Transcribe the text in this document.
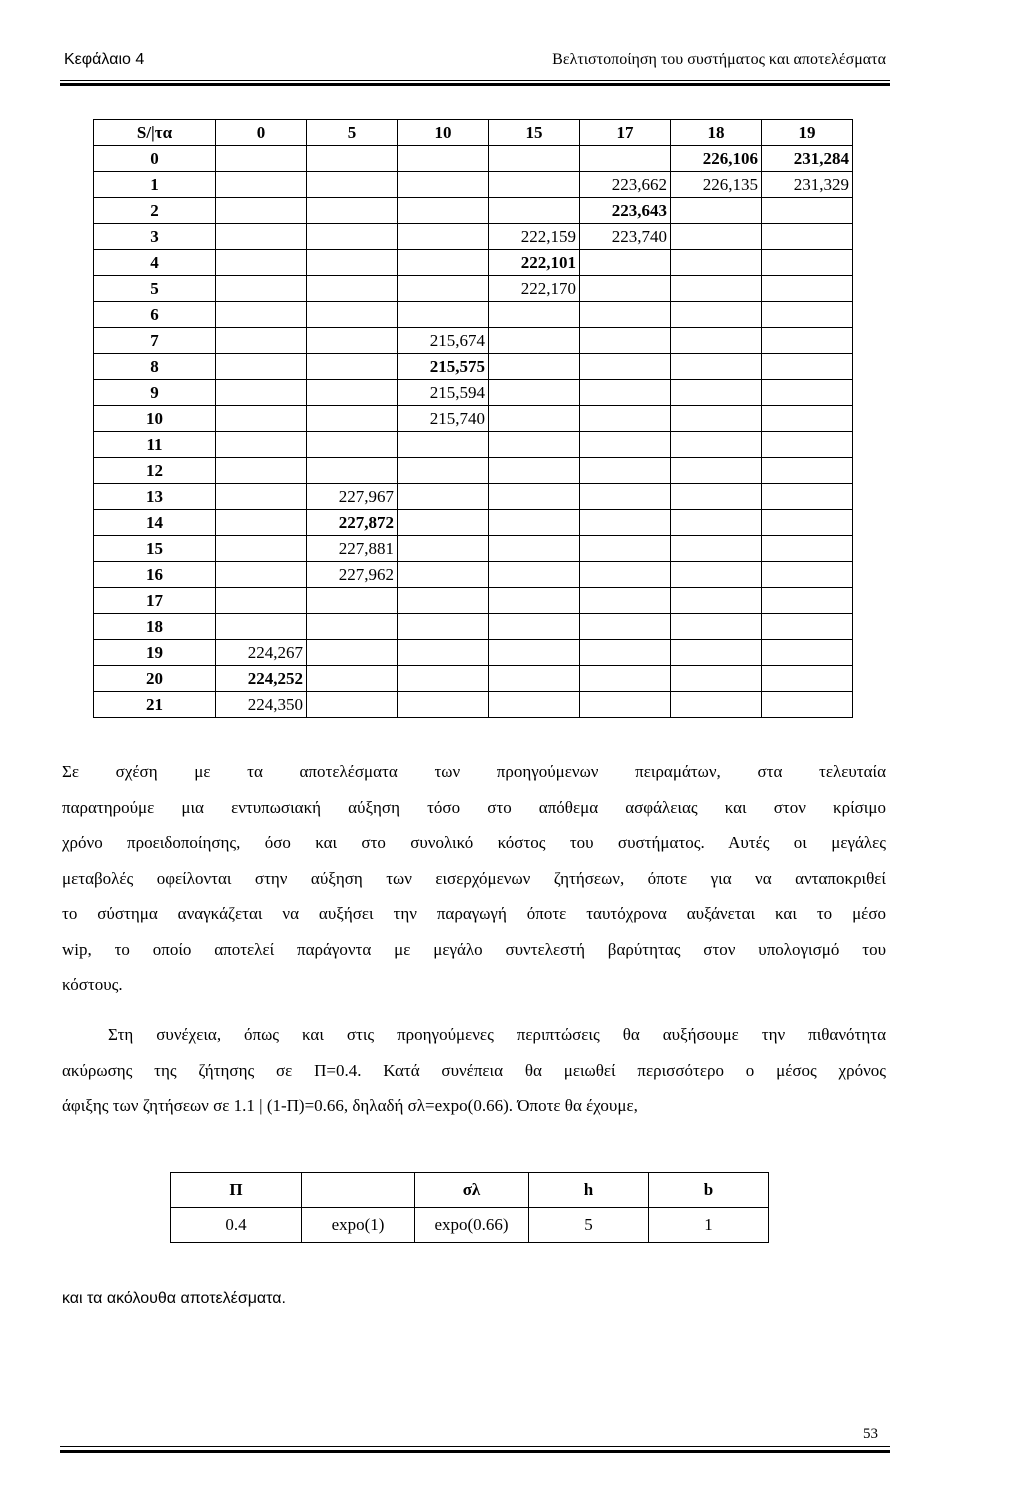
Κεφάλαιο 4	Βελτιστοποίηση του συστήματος και αποτελέσματα
S/|τα	0	5	10	15	17	18	19
0						226,106	231,284
1					223,662	226,135	231,329
2					223,643		
3				222,159	223,740		
4				222,101			
5				222,170			
6							
7			215,674				
8			215,575				
9			215,594				
10			215,740				
11							
12							
13		227,967					
14		227,872					
15		227,881					
16		227,962					
17							
18							
19	224,267						
20	224,252						
21	224,350						

Σε σχέση με τα αποτελέσματα των προηγούμενων πειραμάτων, στα τελευταία

παρατηρούμε μια εντυπωσιακή αύξηση τόσο στο απόθεμα ασφάλειας και στον κρίσιμο

χρόνο προειδοποίησης, όσο και στο συνολικό κόστος του συστήματος. Αυτές οι μεγάλες

μεταβολές οφείλονται στην αύξηση των εισερχόμενων ζητήσεων, όποτε για να ανταποκριθεί

το σύστημα αναγκάζεται να αυξήσει την παραγωγή όποτε ταυτόχρονα αυξάνεται και το μέσο

wip, το οποίο αποτελεί παράγοντα με μεγάλο συντελεστή βαρύτητας στον υπολογισμό του

κόστους.

Στη συνέχεια, όπως και στις προηγούμενες περιπτώσεις θα αυξήσουμε την πιθανότητα

ακύρωσης της ζήτησης σε Π=0.4. Κατά συνέπεια θα μειωθεί περισσότερο ο μέσος χρόνος

άφιξης των ζητήσεων σε 1.1 | (1-Π)=0.66, δηλαδή σλ=expo(0.66). Όποτε θα έχουμε,

Π		σλ	h	b
0.4	expo(1)	expo(0.66)	5	1
και τα ακόλουθα αποτελέσματα.
53
